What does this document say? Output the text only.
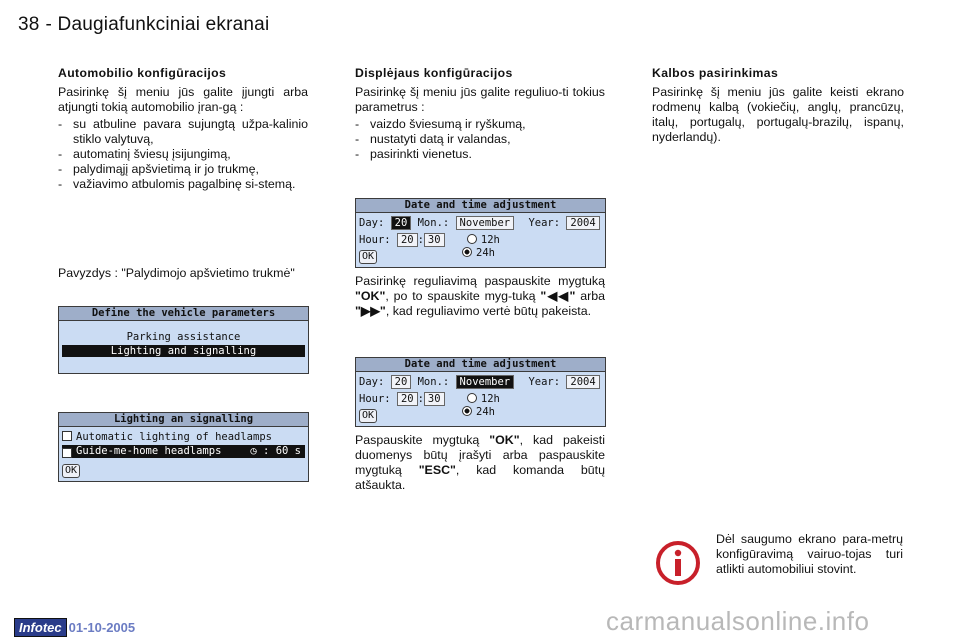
38 - Daugiafunkciniai ekranai
Automobilio konfigūracijos

Pasirinkę šį meniu jūs galite įjungti arba atjungti tokią automobilio įran-gą :

- su atbuline pavara sujungtą užpa-kalinio stiklo valytuvą,
- automatinį šviesų įsijungimą,
- palydimąjį apšvietimą ir jo trukmę,
- važiavimo atbulomis pagalbinę si-stemą.

Pavyzdys : "Palydimojo apšvietimo trukmė"

Define the vehicle parameters
Parking assistance
Lighting and signalling
Lighting an signalling
Automatic lighting of headlamps
✔ Guide-me-home headlamps	◷ : 60 s
OK
Displėjaus konfigūracijos

Pasirinkę šį meniu jūs galite reguliuo-ti tokius parametrus :

- vaizdo šviesumą ir ryškumą,
- nustatyti datą ir valandas,
- pasirinkti vienetus.
Date and time adjustment
Day: 20 Mon.: November Year: 2004
Hour: 20 : 30	12h
24h
OK

Pasirinkę reguliavimą paspauskite mygtuką "OK", po to spauskite myg-tuką "◀◀" arba "▶▶", kad reguliavimo vertė būtų pakeista.

Date and time adjustment
Day: 20 Mon.: November Year: 2004
Hour: 20 : 30	12h
24h
OK

Paspauskite mygtuką "OK", kad pakeisti duomenys būtų įrašyti arba paspauskite mygtuką "ESC", kad komanda būtų atšaukta.

Kalbos pasirinkimas

Pasirinkę šį meniu jūs galite keisti ekrano rodmenų kalbą (vokiečių, anglų, prancūzų, italų, portugalų, portugalų-brazilų, ispanų, nyderlandų).

Dėl saugumo ekrano para-metrų konfigūravimą vairuo-tojas turi atlikti automobiliui stovint.
Infotec 01-10-2005	carmanualsonline.info
